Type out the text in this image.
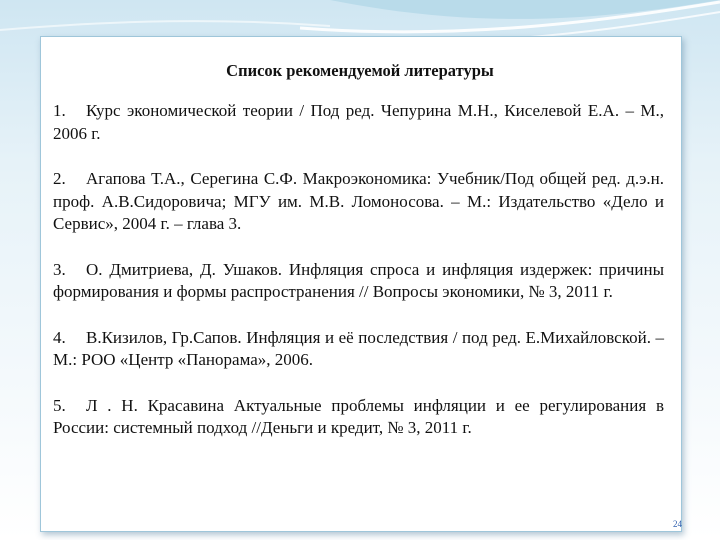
Список рекомендуемой литературы

1. Курс экономической теории / Под ред. Чепурина М.Н., Киселевой Е.А. – М., 2006 г.

2. Агапова Т.А., Серегина С.Ф. Макроэкономика: Учебник/Под общей ред. д.э.н. проф. А.В.Сидоровича; МГУ им. М.В. Ломоносова. – М.: Издательство «Дело и Сервис», 2004 г. – глава 3.

3. О. Дмитриева, Д. Ушаков. Инфляция спроса и инфляция издержек: причины формирования и формы распространения // Вопросы экономики, № 3, 2011 г.

4. В.Кизилов, Гр.Сапов. Инфляция и её последствия / под ред. Е.Михайловской. – М.: РОО «Центр «Панорама», 2006.

5. Л . Н. Красавина Актуальные проблемы инфляции и ее регулирования в России: системный подход //Деньги и кредит, № 3, 2011 г.

24
